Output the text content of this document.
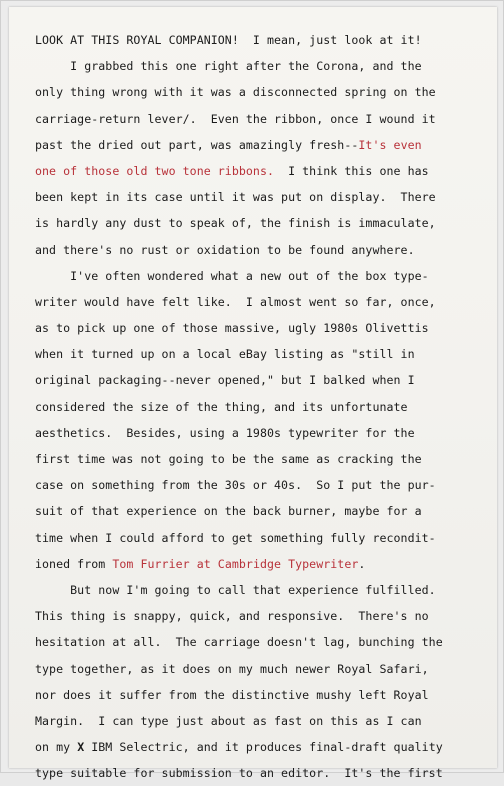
LOOK AT THIS ROYAL COMPANION!  I mean, just look at it!
I grabbed this one right after the Corona, and the
only thing wrong with it was a disconnected spring on the
carriage-return lever/.  Even the ribbon, once I wound it
past the dried out part, was amazingly fresh--It's even
one of those old two tone ribbons.  I think this one has
been kept in its case until it was put on display.  There
is hardly any dust to speak of, the finish is immaculate,
and there's no rust or oxidation to be found anywhere.
I've often wondered what a new out of the box type-
writer would have felt like.  I almost went so far, once,
as to pick up one of those massive, ugly 1980s Olivettis
when it turned up on a local eBay listing as "still in
original packaging--never opened," but I balked when I
considered the size of the thing, and its unfortunate
aesthetics.  Besides, using a 1980s typewriter for the
first time was not going to be the same as cracking the
case on something from the 30s or 40s.  So I put the pur-
suit of that experience on the back burner, maybe for a
time when I could afford to get something fully recondit-
ioned from Tom Furrier at Cambridge Typewriter.
But now I'm going to call that experience fulfilled.
This thing is snappy, quick, and responsive.  There's no
hesitation at all.  The carriage doesn't lag, bunching the
type together, as it does on my much newer Royal Safari,
nor does it suffer from the distinctive mushy left Royal
Margin.  I can type just about as fast on this as I can
on my X IBM Selectric, and it produces final-draft quality
type suitable for submission to an editor.  It's the first
